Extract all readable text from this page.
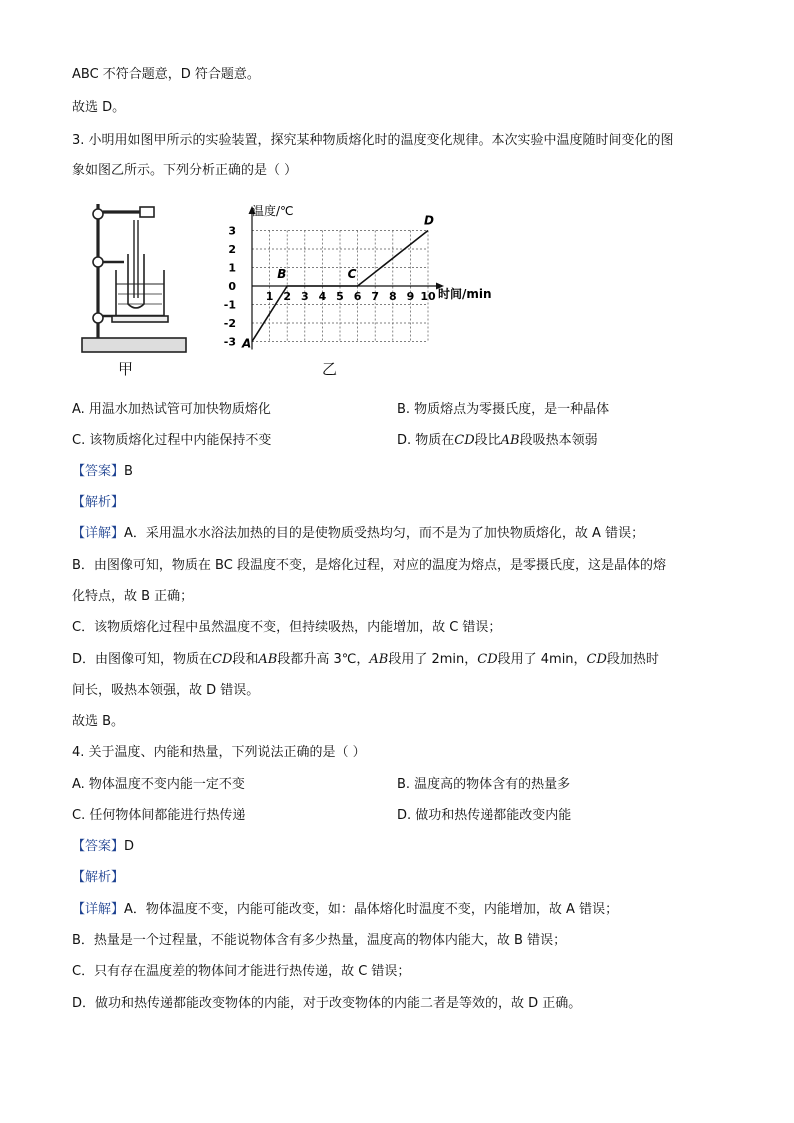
ABC 不符合题意，D 符合题意。
故选 D。
3. 小明用如图甲所示的实验装置，探究某种物质熔化时的温度变化规律。本次实验中温度随时间变化的图
象如图乙所示。下列分析正确的是（ ）
甲
1 2 3 4 5 6 7 8 9 10
3
2
1
0
-1
-2
-3 A
B	C
D
温度/℃
时间/min
乙
A. 用温水加热试管可加快物质熔化	B. 物质熔点为零摄氏度，是一种晶体
C. 该物质熔化过程中内能保持不变	D. 物质在CD段比AB段吸热本领弱
【答案】B
【解析】
【详解】A．采用温水水浴法加热的目的是使物质受热均匀，而不是为了加快物质熔化，故 A 错误；
B．由图像可知，物质在 BC 段温度不变，是熔化过程，对应的温度为熔点，是零摄氏度，这是晶体的熔
化特点，故 B 正确；
C．该物质熔化过程中虽然温度不变，但持续吸热，内能增加，故 C 错误；
D．由图像可知，物质在CD段和AB段都升高 3℃，AB段用了 2min，CD段用了 4min，CD段加热时
间长，吸热本领强，故 D 错误。
故选 B。
4. 关于温度、内能和热量，下列说法正确的是（ ）
A. 物体温度不变内能一定不变	B. 温度高的物体含有的热量多
C. 任何物体间都能进行热传递	D. 做功和热传递都能改变内能
【答案】D
【解析】
【详解】A．物体温度不变，内能可能改变，如：晶体熔化时温度不变，内能增加，故 A 错误；
B．热量是一个过程量，不能说物体含有多少热量，温度高的物体内能大，故 B 错误；
C．只有存在温度差的物体间才能进行热传递，故 C 错误；
D．做功和热传递都能改变物体的内能，对于改变物体的内能二者是等效的，故 D 正确。
